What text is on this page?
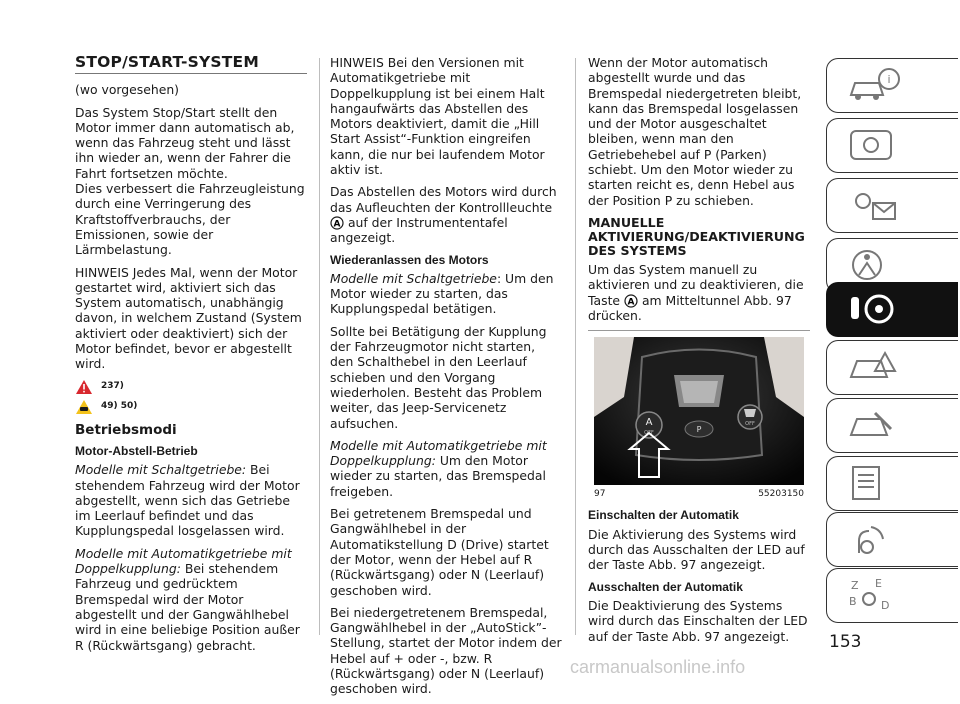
STOP/START-SYSTEM

(wo vorgesehen)

Das System Stop/Start stellt den Motor immer dann automatisch ab, wenn das Fahrzeug steht und lässt ihn wieder an, wenn der Fahrer die Fahrt fortsetzen möchte.

Dies verbessert die Fahrzeugleistung durch eine Verringerung des Kraftstoffverbrauchs, der Emissionen, sowie der Lärmbelastung.

HINWEIS Jedes Mal, wenn der Motor gestartet wird, aktiviert sich das System automatisch, unabhängig davon, in welchem Zustand (System aktiviert oder deaktiviert) sich der Motor befindet, bevor er abgestellt wird.

237)
49) 50)
Betriebsmodi
Motor-Abstell-Betrieb

Modelle mit Schaltgetriebe: Bei stehendem Fahrzeug wird der Motor abgestellt, wenn sich das Getriebe im Leerlauf befindet und das Kupplungspedal losgelassen wird.

Modelle mit Automatikgetriebe mit Doppelkupplung: Bei stehendem Fahrzeug und gedrücktem Bremspedal wird der Motor abgestellt und der Gangwählhebel wird in eine beliebige Position außer R (Rückwärtsgang) gebracht.

HINWEIS Bei den Versionen mit Automatikgetriebe mit Doppelkupplung ist bei einem Halt hangaufwärts das Abstellen des Motors deaktiviert, damit die „Hill Start Assist“-Funktion eingreifen kann, die nur bei laufendem Motor aktiv ist.

Das Abstellen des Motors wird durch das Aufleuchten der Kontrollleuchte
A auf der Instrumententafel angezeigt.

Wiederanlassen des Motors

Modelle mit Schaltgetriebe: Um den Motor wieder zu starten, das Kupplungspedal betätigen.

Sollte bei Betätigung der Kupplung der Fahrzeugmotor nicht starten, den Schalthebel in den Leerlauf schieben und den Vorgang wiederholen. Besteht das Problem weiter, das Jeep-Servicenetz aufsuchen.

Modelle mit Automatikgetriebe mit Doppelkupplung: Um den Motor wieder zu starten, das Bremspedal freigeben.

Bei getretenem Bremspedal und Gangwählhebel in der Automatikstellung D (Drive) startet der Motor, wenn der Hebel auf R (Rückwärtsgang) oder N (Leerlauf) geschoben wird.

Bei niedergetretenem Bremspedal, Gangwählhebel in der „AutoStick”-Stellung, startet der Motor indem der Hebel auf + oder -, bzw. R (Rückwärtsgang) oder N (Leerlauf) geschoben wird.

Wenn der Motor automatisch abgestellt wurde und das Bremspedal niedergetreten bleibt, kann das Bremspedal losgelassen und der Motor ausgeschaltet bleiben, wenn man den Getriebehebel auf P (Parken) schiebt. Um den Motor wieder zu starten reicht es, denn Hebel aus der Position P zu schieben.

MANUELLE AKTIVIERUNG/DEAKTIVIERUNG DES SYSTEMS

Um das System manuell zu aktivieren und zu deaktivieren, die Taste A am Mitteltunnel Abb. 97 drücken.

P
A
OFF
OFF
97	55203150
Einschalten der Automatik

Die Aktivierung des Systems wird durch das Ausschalten der LED auf der Taste Abb. 97 angezeigt.

Ausschalten der Automatik

Die Deaktivierung des Systems wird durch das Einschalten der LED auf der Taste Abb. 97 angezeigt.

i
Z E
B D
153
carmanualsonline.info
